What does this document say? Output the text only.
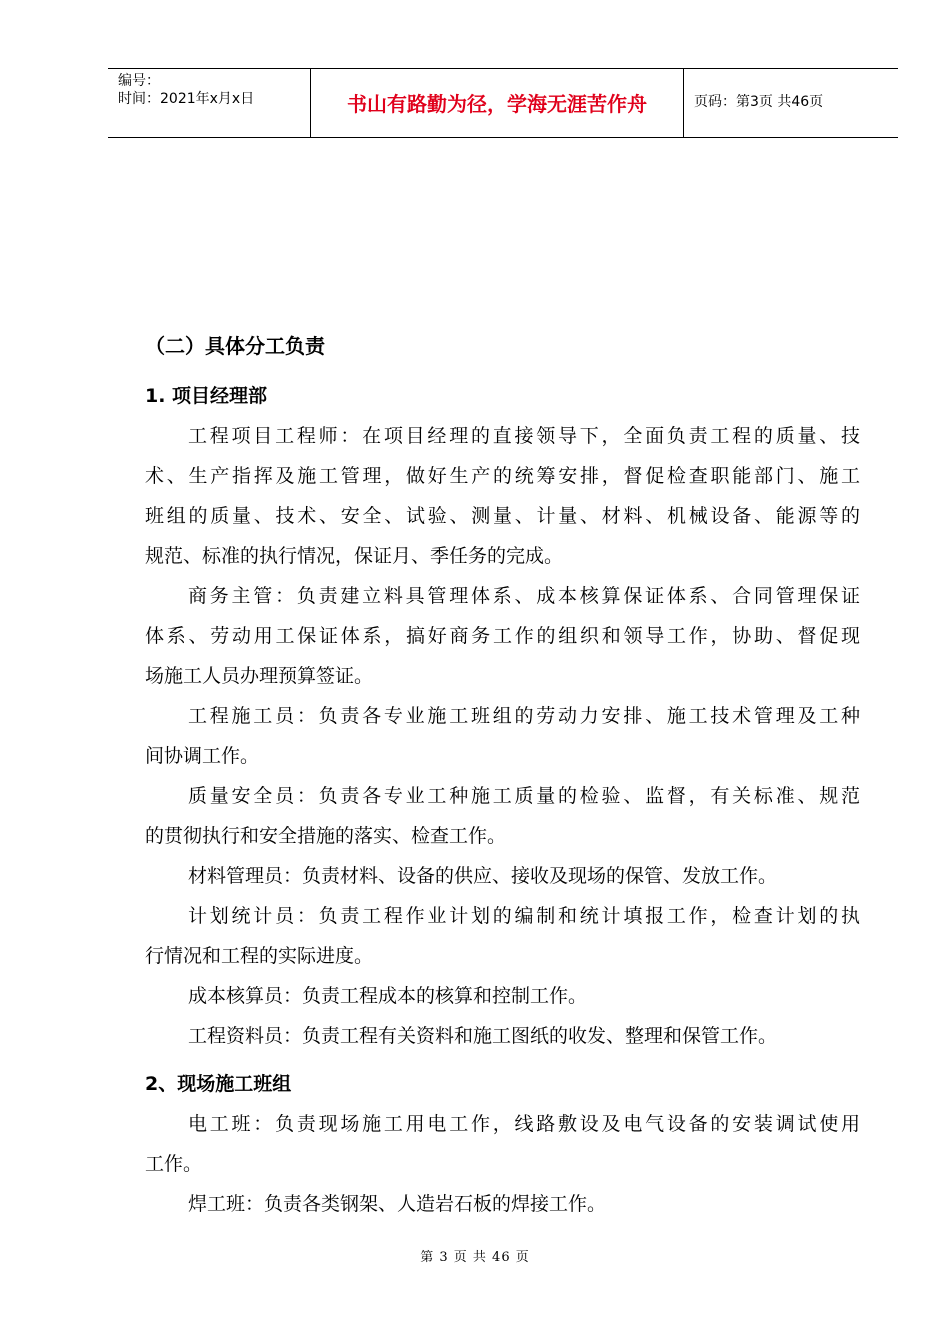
编号：
时间：2021年x月x日	书山有路勤为径，学海无涯苦作舟	页码：第3页 共46页
（二）具体分工负责
1. 项目经理部
工程项目工程师：在项目经理的直接领导下，全面负责工程的质量、技
术、生产指挥及施工管理，做好生产的统筹安排，督促检查职能部门、施工
班组的质量、技术、安全、试验、测量、计量、材料、机械设备、能源等的
规范、标准的执行情况，保证月、季任务的完成。
商务主管：负责建立料具管理体系、成本核算保证体系、合同管理保证
体系、劳动用工保证体系，搞好商务工作的组织和领导工作，协助、督促现
场施工人员办理预算签证。
工程施工员：负责各专业施工班组的劳动力安排、施工技术管理及工种
间协调工作。
质量安全员：负责各专业工种施工质量的检验、监督，有关标准、规范
的贯彻执行和安全措施的落实、检查工作。
材料管理员：负责材料、设备的供应、接收及现场的保管、发放工作。
计划统计员：负责工程作业计划的编制和统计填报工作，检查计划的执
行情况和工程的实际进度。
成本核算员：负责工程成本的核算和控制工作。
工程资料员：负责工程有关资料和施工图纸的收发、整理和保管工作。
2、现场施工班组
电工班：负责现场施工用电工作，线路敷设及电气设备的安装调试使用
工作。
焊工班：负责各类钢架、人造岩石板的焊接工作。
第 3 页 共 46 页
